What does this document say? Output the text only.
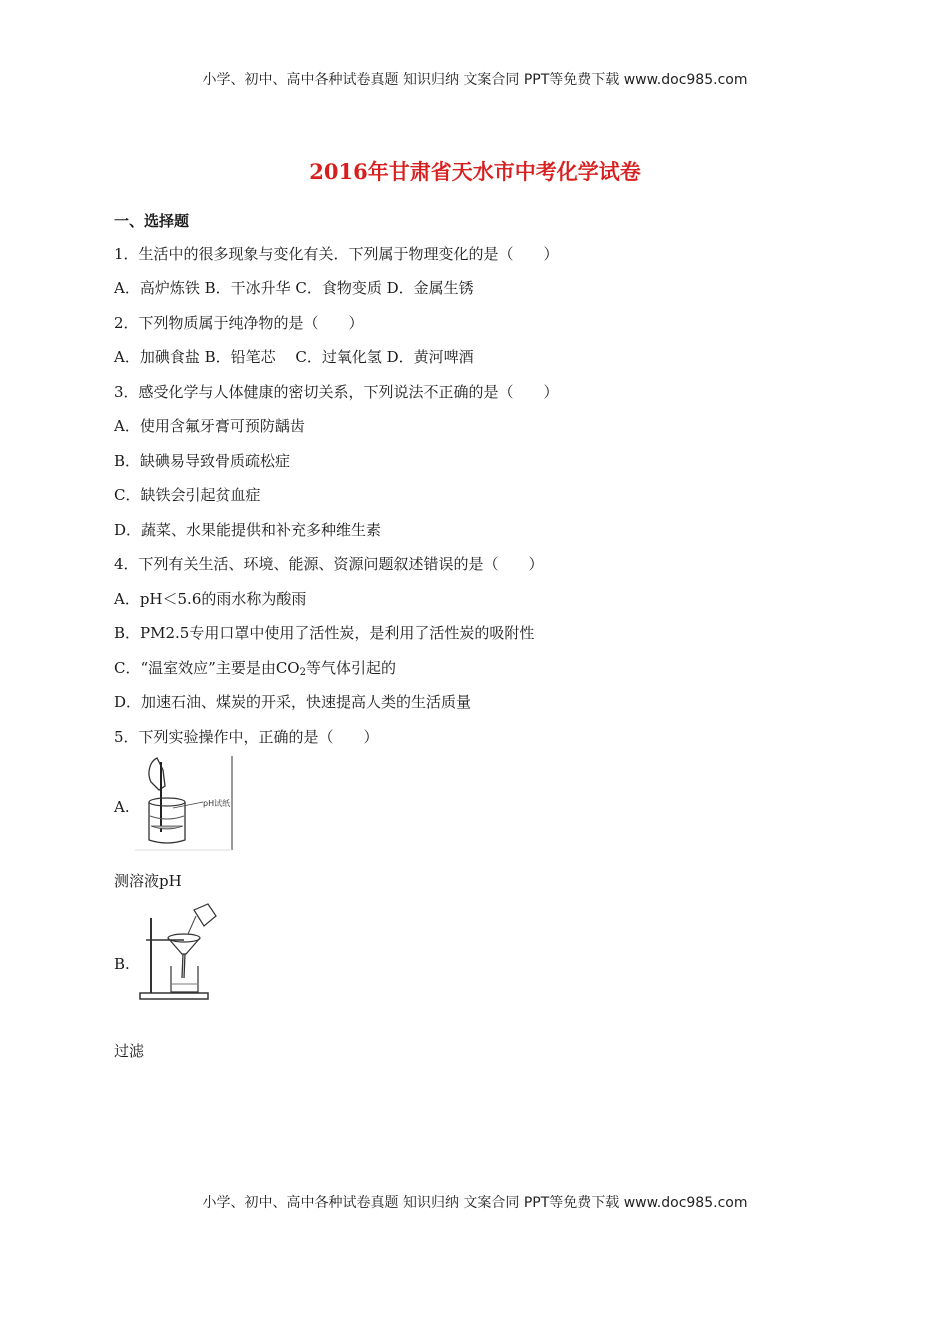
小学、初中、高中各种试卷真题 知识归纳 文案合同 PPT等免费下载 www.doc985.com
2016年甘肃省天水市中考化学试卷
一、选择题
1．生活中的很多现象与变化有关．下列属于物理变化的是（　　）
A．高炉炼铁 B．干冰升华 C．食物变质 D．金属生锈
2．下列物质属于纯净物的是（　　）
A．加碘食盐 B．铅笔芯　 C．过氧化氢 D．黄河啤酒
3．感受化学与人体健康的密切关系，下列说法不正确的是（　　）
A．使用含氟牙膏可预防龋齿
B．缺碘易导致骨质疏松症
C．缺铁会引起贫血症
D．蔬菜、水果能提供和补充多种维生素
4．下列有关生活、环境、能源、资源问题叙述错误的是（　　）
A．pH＜5.6的雨水称为酸雨
B．PM2.5专用口罩中使用了活性炭，是利用了活性炭的吸附性
C．“温室效应”主要是由$CO_2$等气体引起的
D．加速石油、煤炭的开采，快速提高人类的生活质量
5．下列实验操作中，正确的是（　　）
A.	pH试纸
测溶液pH
B.
过滤
小学、初中、高中各种试卷真题 知识归纳 文案合同 PPT等免费下载 www.doc985.com
